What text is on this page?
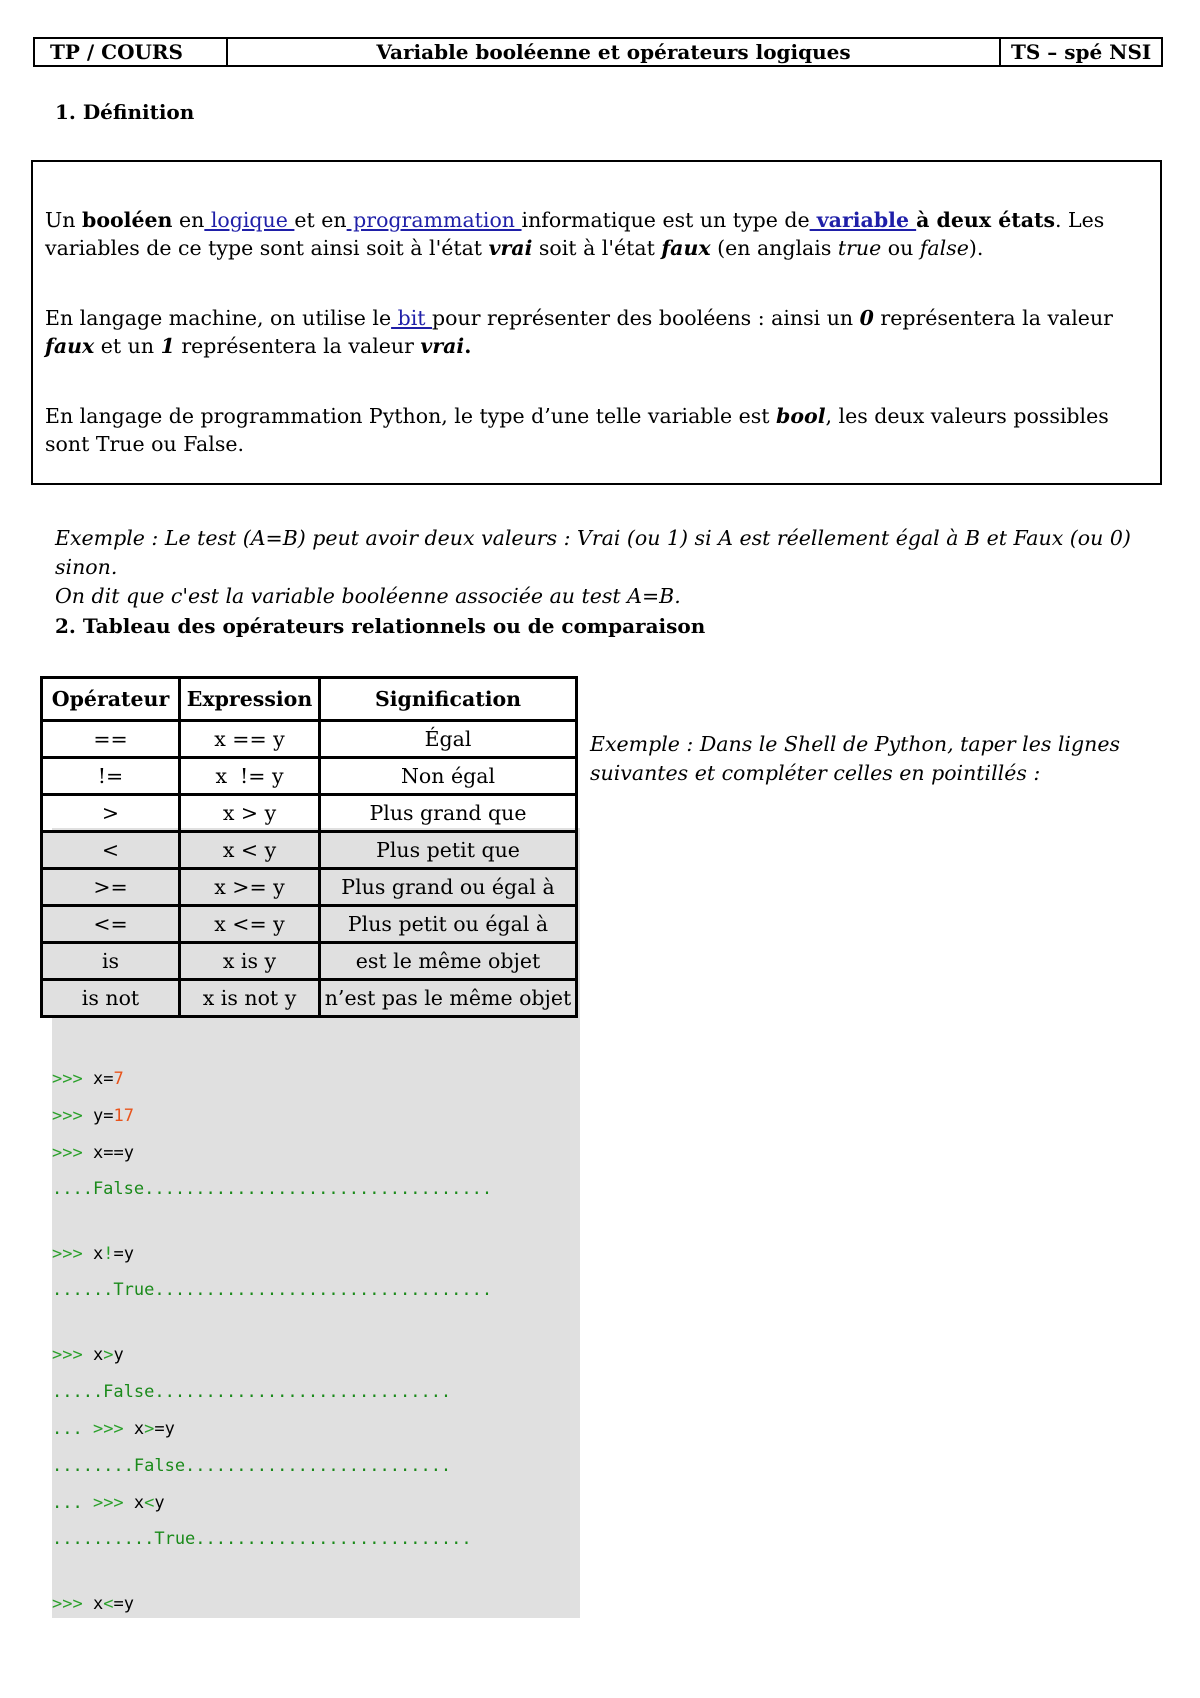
TP / COURS	Variable booléenne et opérateurs logiques	TS – spé NSI
1. Définition

Un booléen en logique et en programmation informatique est un type de variable à deux états. Les variables de ce type sont ainsi soit à l'état vrai soit à l'état faux (en anglais true ou false).

En langage machine, on utilise le bit pour représenter des booléens : ainsi un 0 représentera la valeur faux et un 1 représentera la valeur vrai.

En langage de programmation Python, le type d’une telle variable est bool, les deux valeurs possibles sont True ou False.

Exemple : Le test (A=B) peut avoir deux valeurs : Vrai (ou 1) si A est réellement égal à B et Faux (ou 0) sinon.
On dit que c'est la variable booléenne associée au test A=B.
2. Tableau des opérateurs relationnels ou de comparaison
Opérateur	Expression	Signification
==	x == y	Égal
!=	x  != y	Non égal
>	x > y	Plus grand que
<	x < y	Plus petit que
>=	x >= y	Plus grand ou égal à
<=	x <= y	Plus petit ou égal à
is	x is y	est le même objet
is not	x is not y	n’est pas le même objet
Exemple : Dans le Shell de Python, taper les lignes
suivantes et compléter celles en pointillés :
>>> x=7
>>> y=17
>>> x==y
....False..................................
>>> x!=y
......True.................................
>>> x>y
.....False.............................
... >>> x>=y
........False..........................
... >>> x<y
..........True...........................
>>> x<=y
